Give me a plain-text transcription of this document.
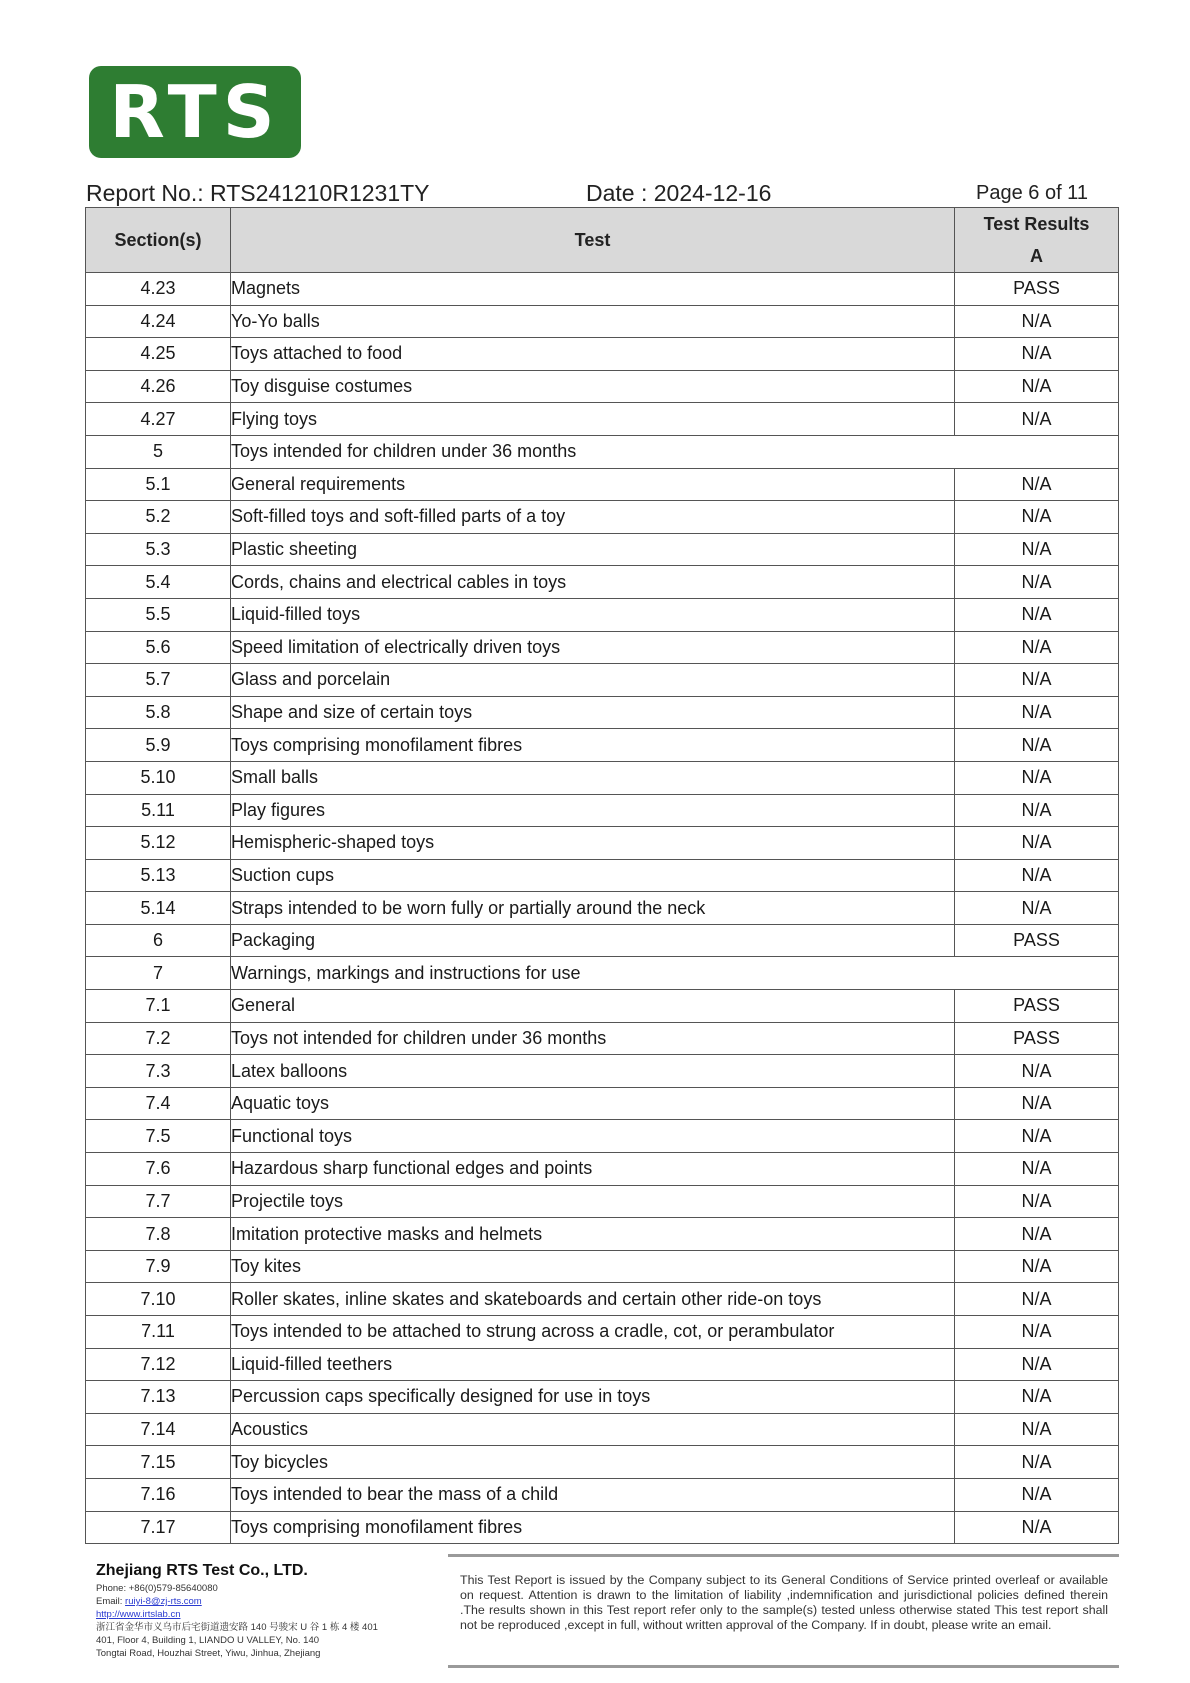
RTS
Report No.: RTS241210R1231TY	Date : 2024-12-16	Page 6 of 11
Section(s)	Test	Test Results
A

4.23	Magnets	PASS
4.24	Yo-Yo balls	N/A
4.25	Toys attached to food	N/A
4.26	Toy disguise costumes	N/A
4.27	Flying toys	N/A
5	Toys intended for children under 36 months	
5.1	General requirements	N/A
5.2	Soft-filled toys and soft-filled parts of a toy	N/A
5.3	Plastic sheeting	N/A
5.4	Cords, chains and electrical cables in toys	N/A
5.5	Liquid-filled toys	N/A
5.6	Speed limitation of electrically driven toys	N/A
5.7	Glass and porcelain	N/A
5.8	Shape and size of certain toys	N/A
5.9	Toys comprising monofilament fibres	N/A
5.10	Small balls	N/A
5.11	Play figures	N/A
5.12	Hemispheric-shaped toys	N/A
5.13	Suction cups	N/A
5.14	Straps intended to be worn fully or partially around the neck	N/A
6	Packaging	PASS
7	Warnings, markings and instructions for use	
7.1	General	PASS
7.2	Toys not intended for children under 36 months	PASS
7.3	Latex balloons	N/A
7.4	Aquatic toys	N/A
7.5	Functional toys	N/A
7.6	Hazardous sharp functional edges and points	N/A
7.7	Projectile toys	N/A
7.8	Imitation protective masks and helmets	N/A
7.9	Toy kites	N/A
7.10	Roller skates, inline skates and skateboards and certain other ride-on toys	N/A
7.11	Toys intended to be attached to strung across a cradle, cot, or perambulator	N/A
7.12	Liquid-filled teethers	N/A
7.13	Percussion caps specifically designed for use in toys	N/A
7.14	Acoustics	N/A
7.15	Toy bicycles	N/A
7.16	Toys intended to bear the mass of a child	N/A
7.17	Toys comprising monofilament fibres	N/A
Zhejiang RTS Test Co., LTD.
Phone: +86(0)579-85640080
Email: ruiyi-8@zj-rts.com
http://www.irtslab.cn
浙江省金华市义乌市后宅街道遗安路 140 号骏宋 U 谷 1 栋 4 楼 401
401, Floor 4, Building 1, LIANDO U VALLEY, No. 140
Tongtai Road, Houzhai Street, Yiwu, Jinhua, Zhejiang
This Test Report is issued by the Company subject to its General Conditions of Service printed overleaf or available on request. Attention is drawn to the limitation of liability ,indemnification and jurisdictional policies defined therein .The results shown in this Test report refer only to the sample(s) tested unless otherwise stated This test report shall not be reproduced ,except in full, without written approval of the Company. If in doubt, please write an email.
